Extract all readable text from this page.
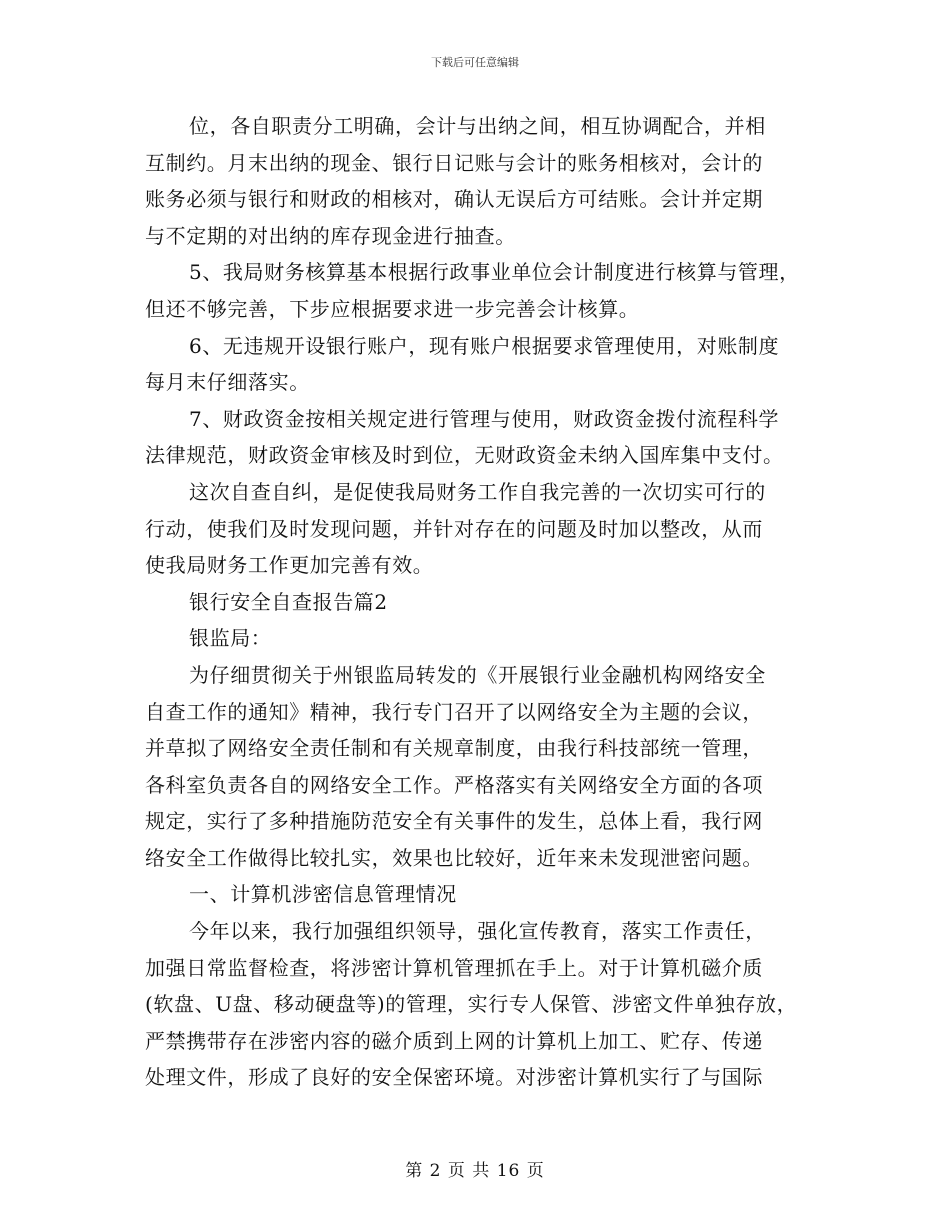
下载后可任意编辑
位，各自职责分工明确，会计与出纳之间，相互协调配合，并相
互制约。月末出纳的现金、银行日记账与会计的账务相核对，会计的
账务必须与银行和财政的相核对，确认无误后方可结账。会计并定期
与不定期的对出纳的库存现金进行抽查。
5、我局财务核算基本根据行政事业单位会计制度进行核算与管理，
但还不够完善，下步应根据要求进一步完善会计核算。
6、无违规开设银行账户，现有账户根据要求管理使用，对账制度
每月末仔细落实。
7、财政资金按相关规定进行管理与使用，财政资金拨付流程科学
法律规范，财政资金审核及时到位，无财政资金未纳入国库集中支付。
这次自查自纠，是促使我局财务工作自我完善的一次切实可行的
行动，使我们及时发现问题，并针对存在的问题及时加以整改，从而
使我局财务工作更加完善有效。
银行安全自查报告篇2
银监局：
为仔细贯彻关于州银监局转发的《开展银行业金融机构网络安全
自查工作的通知》精神，我行专门召开了以网络安全为主题的会议，
并草拟了网络安全责任制和有关规章制度，由我行科技部统一管理，
各科室负责各自的网络安全工作。严格落实有关网络安全方面的各项
规定，实行了多种措施防范安全有关事件的发生，总体上看，我行网
络安全工作做得比较扎实，效果也比较好，近年来未发现泄密问题。
一、计算机涉密信息管理情况
今年以来，我行加强组织领导，强化宣传教育，落实工作责任，
加强日常监督检查，将涉密计算机管理抓在手上。对于计算机磁介质
(软盘、U盘、移动硬盘等)的管理，实行专人保管、涉密文件单独存放，
严禁携带存在涉密内容的磁介质到上网的计算机上加工、贮存、传递
处理文件，形成了良好的安全保密环境。对涉密计算机实行了与国际
第 2 页 共 16 页
